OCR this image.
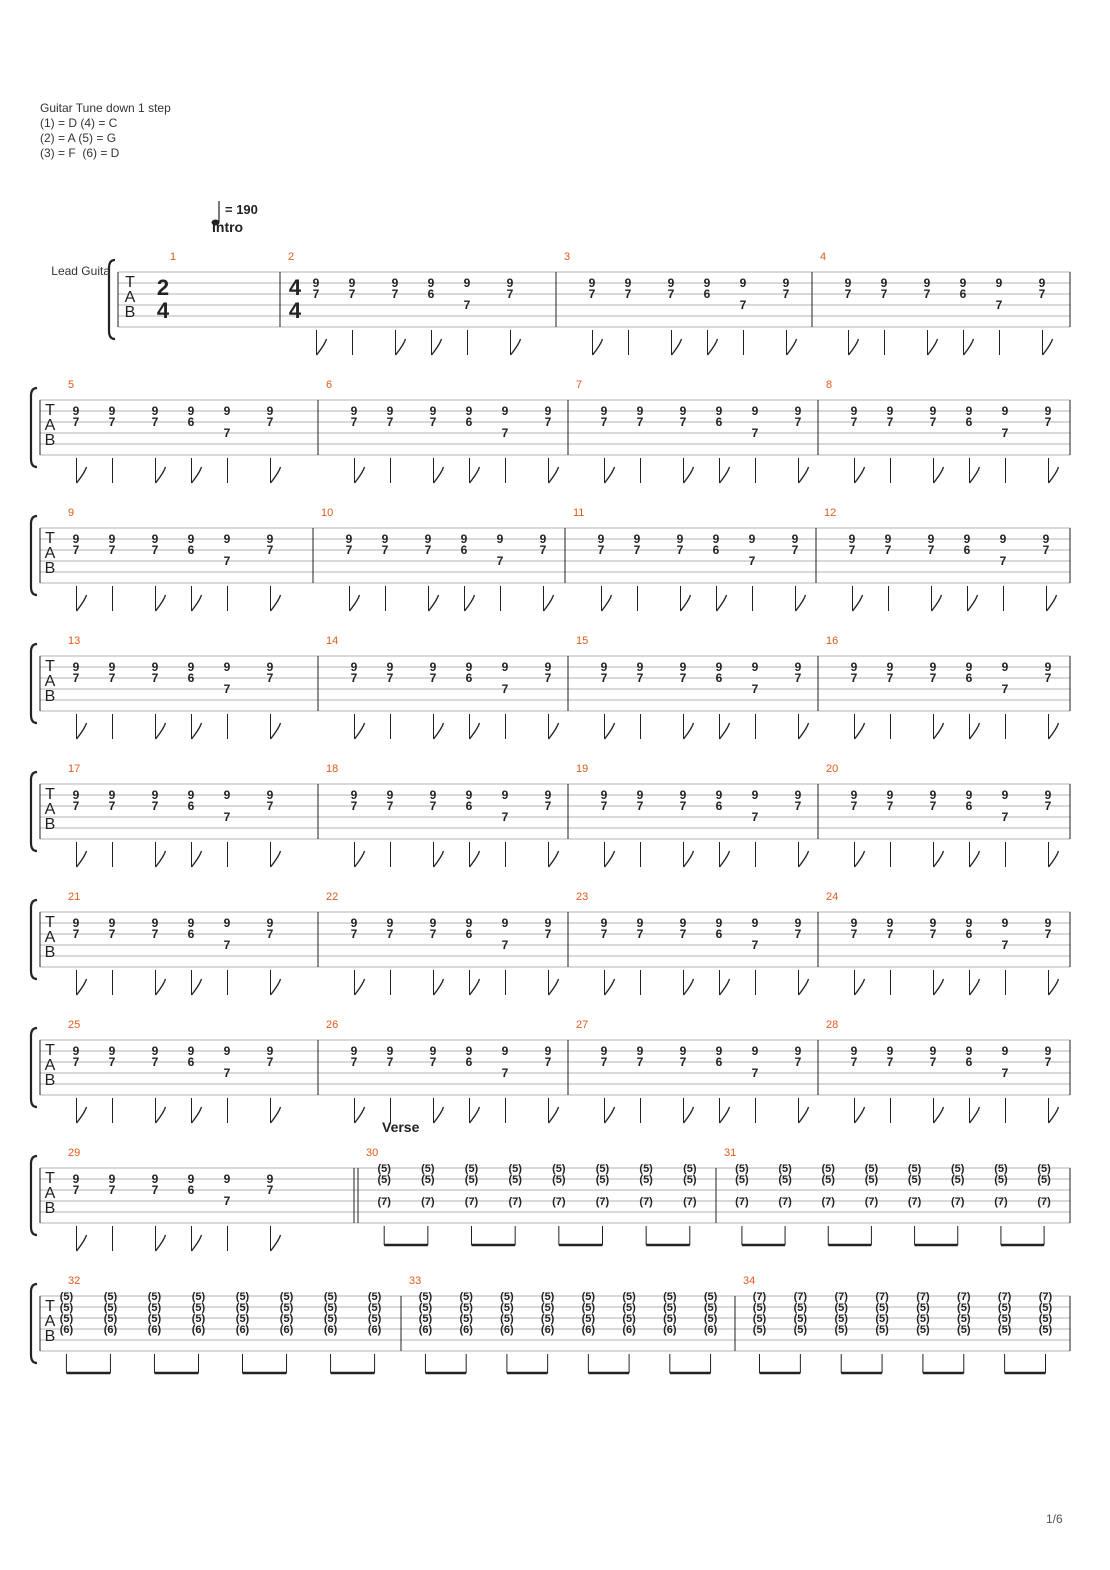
Guitar Tune down 1 step
(1) = D (4) = C
(2) = A (5) = G
(3) = F  (6) = D
= 190
T
A
B
Lead Guita
1
Intro
2
4
2
4
4
9
7
9
7
9
7
9
6
9
7
9
7
3
9
7
9
7
9
7
9
6
9
7
9
7
4
9
7
9
7
9
7
9
6
9
7
9
7
T
A
B
5
9
7
9
7
9
7
9
6
9
7
9
7
6
9
7
9
7
9
7
9
6
9
7
9
7
7
9
7
9
7
9
7
9
6
9
7
9
7
8
9
7
9
7
9
7
9
6
9
7
9
7
T
A
B
9
9
7
9
7
9
7
9
6
9
7
9
7
10
9
7
9
7
9
7
9
6
9
7
9
7
11
9
7
9
7
9
7
9
6
9
7
9
7
12
9
7
9
7
9
7
9
6
9
7
9
7
T
A
B
13
9
7
9
7
9
7
9
6
9
7
9
7
14
9
7
9
7
9
7
9
6
9
7
9
7
15
9
7
9
7
9
7
9
6
9
7
9
7
16
9
7
9
7
9
7
9
6
9
7
9
7
T
A
B
17
9
7
9
7
9
7
9
6
9
7
9
7
18
9
7
9
7
9
7
9
6
9
7
9
7
19
9
7
9
7
9
7
9
6
9
7
9
7
20
9
7
9
7
9
7
9
6
9
7
9
7
T
A
B
21
9
7
9
7
9
7
9
6
9
7
9
7
22
9
7
9
7
9
7
9
6
9
7
9
7
23
9
7
9
7
9
7
9
6
9
7
9
7
24
9
7
9
7
9
7
9
6
9
7
9
7
T
A
B
25
9
7
9
7
9
7
9
6
9
7
9
7
26
9
7
9
7
9
7
9
6
9
7
9
7
27
9
7
9
7
9
7
9
6
9
7
9
7
28
9
7
9
7
9
7
9
6
9
7
9
7
T
A
B
29
9
7
9
7
9
7
9
6
9
7
9
7
30
Verse
(5)
(5)
(7)
(5)
(5)
(7)
(5)
(5)
(7)
(5)
(5)
(7)
(5)
(5)
(7)
(5)
(5)
(7)
(5)
(5)
(7)
(5)
(5)
(7)
31
(5)
(5)
(7)
(5)
(5)
(7)
(5)
(5)
(7)
(5)
(5)
(7)
(5)
(5)
(7)
(5)
(5)
(7)
(5)
(5)
(7)
(5)
(5)
(7)
T
A
B
32
(5)
(5)
(5)
(6)
(5)
(5)
(5)
(6)
(5)
(5)
(5)
(6)
(5)
(5)
(5)
(6)
(5)
(5)
(5)
(6)
(5)
(5)
(5)
(6)
(5)
(5)
(5)
(6)
(5)
(5)
(5)
(6)
33
(5)
(5)
(5)
(6)
(5)
(5)
(5)
(6)
(5)
(5)
(5)
(6)
(5)
(5)
(5)
(6)
(5)
(5)
(5)
(6)
(5)
(5)
(5)
(6)
(5)
(5)
(5)
(6)
(5)
(5)
(5)
(6)
34
(7)
(5)
(5)
(5)
(7)
(5)
(5)
(5)
(7)
(5)
(5)
(5)
(7)
(5)
(5)
(5)
(7)
(5)
(5)
(5)
(7)
(5)
(5)
(5)
(7)
(5)
(5)
(5)
(7)
(5)
(5)
(5)
1/6
